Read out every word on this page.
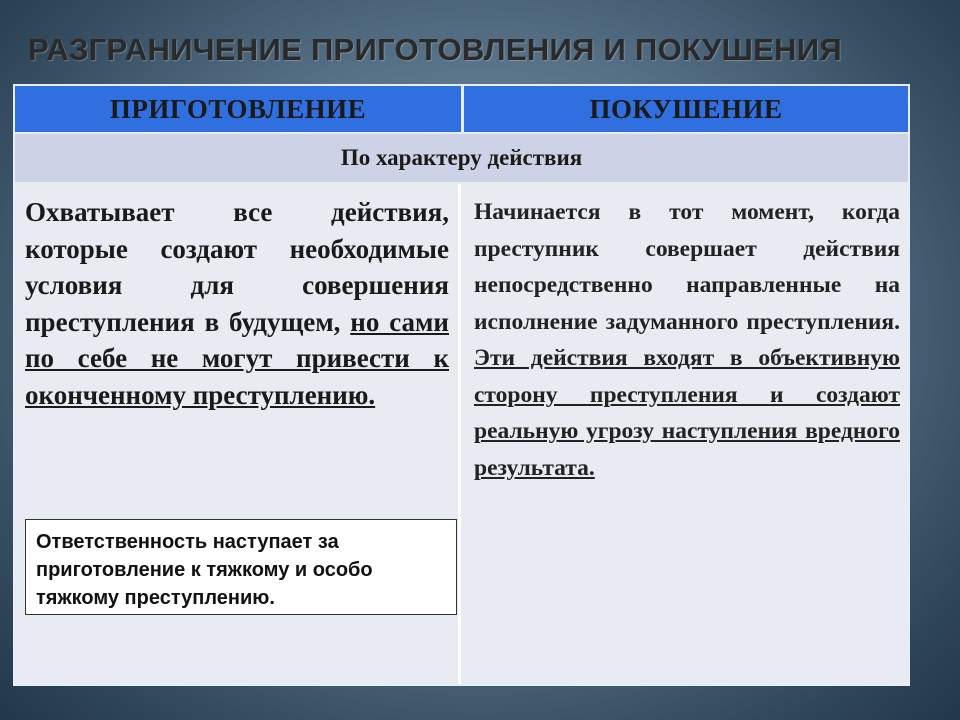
РАЗГРАНИЧЕНИЕ ПРИГОТОВЛЕНИЯ И ПОКУШЕНИЯ
ПРИГОТОВЛЕНИЕ	ПОКУШЕНИЕ
По характеру действия

Охватывает все действия, которые создают необходимые условия для совершения преступления в будущем, но сами по себе не могут привести к оконченному преступлению.

Начинается в тот момент, когда преступник совершает действия непосредственно направленные на исполнение задуманного преступления. Эти действия входят в объективную сторону преступления и создают реальную угрозу наступления вредного результата.

Ответственность наступает за приготовление к тяжкому и особо тяжкому преступлению.
